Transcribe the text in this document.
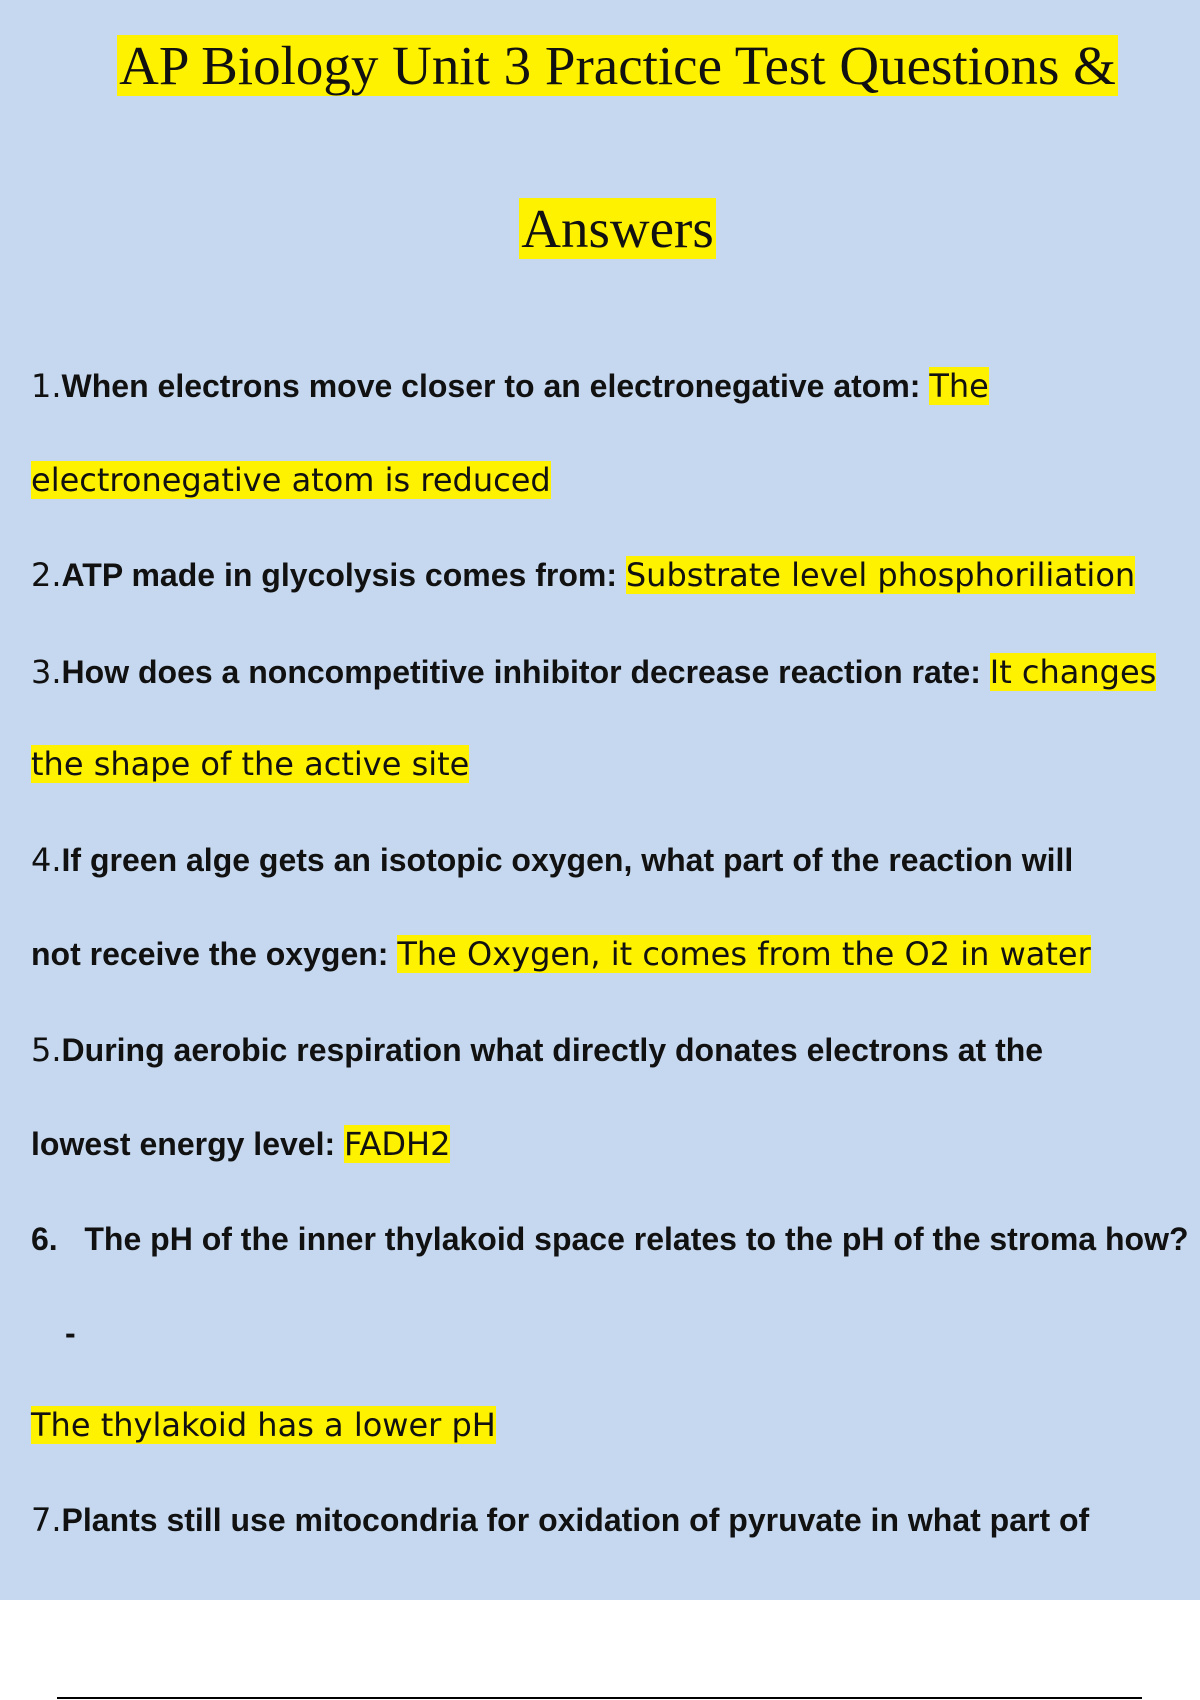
AP Biology Unit 3 Practice Test Questions &
Answers
1.When electrons move closer to an electronegative atom: The
electronegative atom is reduced
2.ATP made in glycolysis comes from: Substrate level phosphoriliation
3.How does a noncompetitive inhibitor decrease reaction rate: It changes
the shape of the active site
4.If green alge gets an isotopic oxygen, what part of the reaction will
not receive the oxygen: The Oxygen, it comes from the O2 in water
5.During aerobic respiration what directly donates electrons at the
lowest energy level: FADH2
6. The pH of the inner thylakoid space relates to the pH of the stroma how?
-
The thylakoid has a lower pH
7.Plants still use mitocondria for oxidation of pyruvate in what part of
